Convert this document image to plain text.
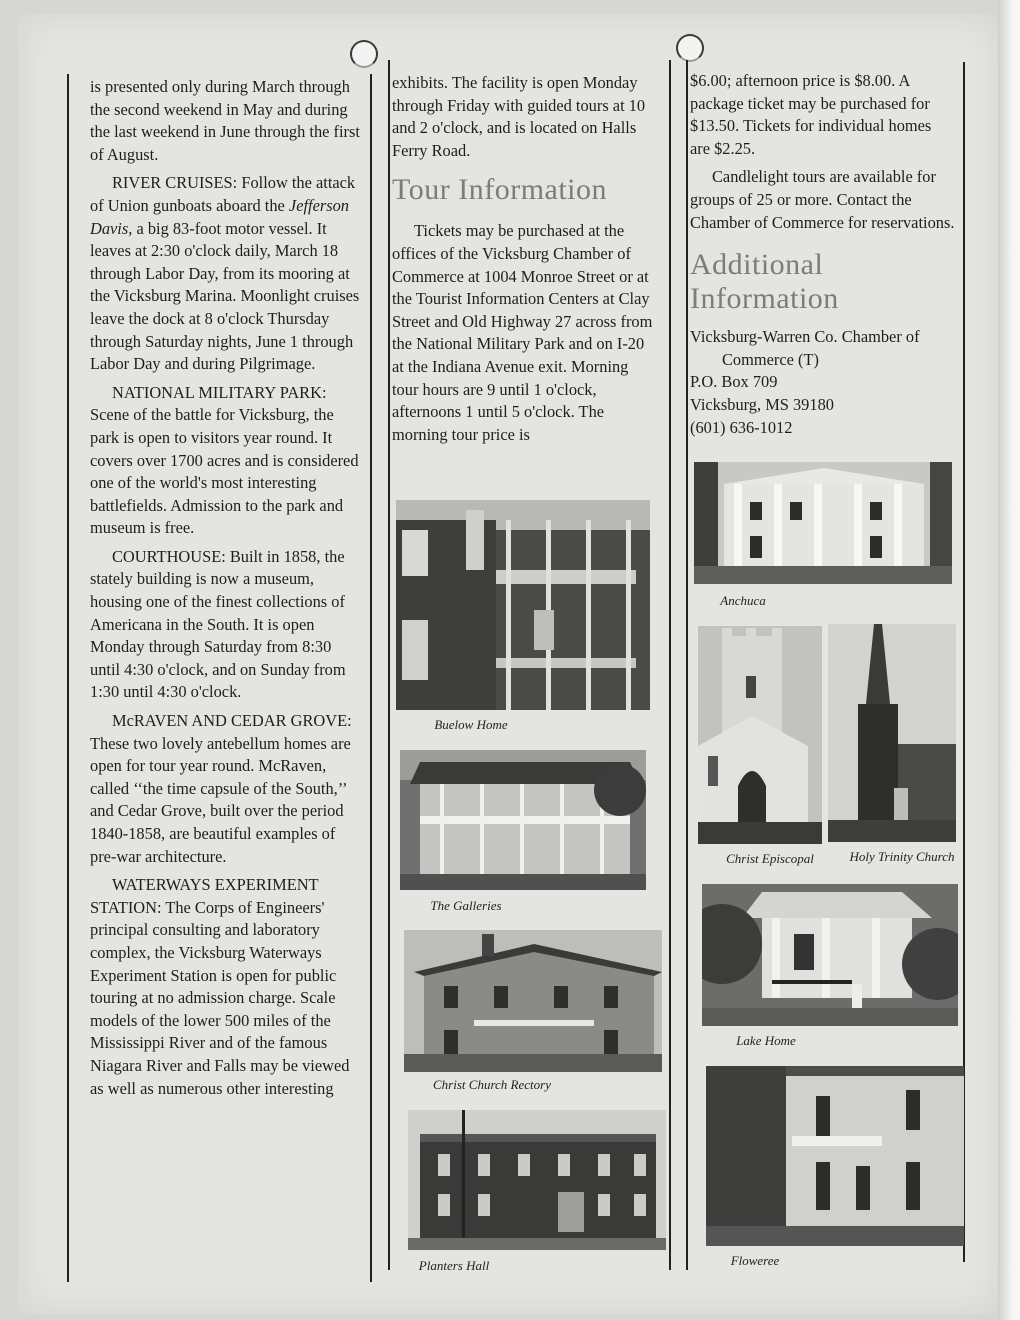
is presented only during March through the second weekend in May and during the last weekend in June through the first of August.

RIVER CRUISES: Follow the attack of Union gunboats aboard the Jefferson Davis, a big 83-foot motor vessel. It leaves at 2:30 o'clock daily, March 18 through Labor Day, from its mooring at the Vicksburg Marina. Moonlight cruises leave the dock at 8 o'clock Thursday through Saturday nights, June 1 through Labor Day and during Pilgrimage.

NATIONAL MILITARY PARK: Scene of the battle for Vicksburg, the park is open to visitors year round. It covers over 1700 acres and is considered one of the world's most interesting battlefields. Admission to the park and museum is free.

COURTHOUSE: Built in 1858, the stately building is now a museum, housing one of the finest collections of Americana in the South. It is open Monday through Saturday from 8:30 until 4:30 o'clock, and on Sunday from 1:30 until 4:30 o'clock.

McRAVEN AND CEDAR GROVE: These two lovely antebellum homes are open for tour year round. McRaven, called ‘‘the time capsule of the South,’’ and Cedar Grove, built over the period 1840-1858, are beautiful examples of pre-war architecture.

WATERWAYS EXPERIMENT STATION: The Corps of Engineers' principal consulting and laboratory complex, the Vicksburg Waterways Experiment Station is open for public touring at no admission charge. Scale models of the lower 500 miles of the Mississippi River and of the famous Niagara River and Falls may be viewed as well as numerous other interesting

exhibits. The facility is open Monday through Friday with guided tours at 10 and 2 o'clock, and is located on Halls Ferry Road.

Tour Information

Tickets may be purchased at the offices of the Vicksburg Chamber of Commerce at 1004 Monroe Street or at the Tourist Information Centers at Clay Street and Old Highway 27 across from the National Military Park and on I-20 at the Indiana Avenue exit. Morning tour hours are 9 until 1 o'clock, afternoons 1 until 5 o'clock. The morning tour price is

$6.00; afternoon price is $8.00. A package ticket may be purchased for $13.50. Tickets for individual homes are $2.25.

Candlelight tours are available for groups of 25 or more. Contact the Chamber of Commerce for reservations.

Additional
Information
Vicksburg-Warren Co. Chamber of
Commerce (T)
P.O. Box 709
Vicksburg, MS 39180
(601) 636-1012
Buelow Home
The Galleries
Christ Church Rectory
Planters Hall
Anchuca
Christ Episcopal	Holy Trinity Church
Lake Home
Floweree
